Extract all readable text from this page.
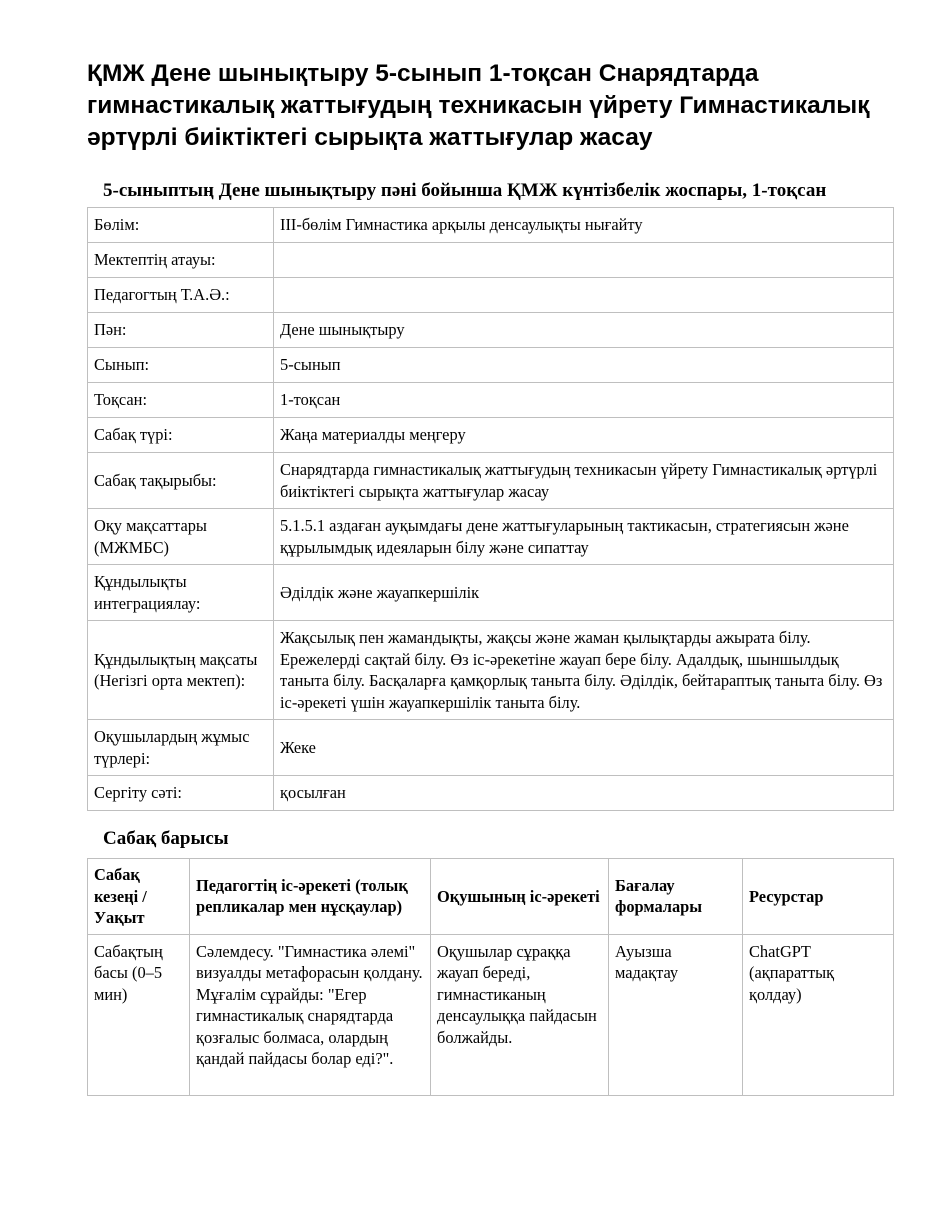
ҚМЖ Дене шынықтыру 5-сынып 1-тоқсан Снарядтарда гимнастикалық жаттығудың техникасын үйрету Гимнастикалық әртүрлі биіктіктегі сырықта жаттығулар жасау
5-сыныптың Дене шынықтыру пәні бойынша ҚМЖ күнтізбелік жоспары, 1-тоқсан
Бөлім:	III-бөлім Гимнастика арқылы денсаулықты нығайту
Мектептің атауы:	
Педагогтың Т.А.Ә.:	
Пән:	Дене шынықтыру
Сынып:	5-сынып
Тоқсан:	1-тоқсан
Сабақ түрі:	Жаңа материалды меңгеру
Сабақ тақырыбы:	Снарядтарда гимнастикалық жаттығудың техникасын үйрету Гимнастикалық әртүрлі биіктіктегі сырықта жаттығулар жасау
Оқу мақсаттары (МЖМБС)	5.1.5.1 аздаған ауқымдағы дене жаттығуларының тактикасын, стратегиясын және құрылымдық идеяларын білу және сипаттау
Құндылықты интеграциялау:	Әділдік және жауапкершілік
Құндылықтың мақсаты (Негізгі орта мектеп):	Жақсылық пен жамандықты, жақсы және жаман қылықтарды ажырата білу. Ережелерді сақтай білу. Өз іс-әрекетіне жауап бере білу. Адалдық, шыншылдық таныта білу. Басқаларға қамқорлық таныта білу. Әділдік, бейтараптық таныта білу. Өз іс-әрекеті үшін жауапкершілік таныта білу.
Оқушылардың жұмыс түрлері:	Жеке
Сергіту сәті:	қосылған
Сабақ барысы
Сабақ кезеңі / Уақыт	Педагогтің іс-әрекеті (толық репликалар мен нұсқаулар)	Оқушының іс-әрекеті	Бағалау формалары	Ресурстар
Сабақтың басы (0–5 мин)	Сәлемдесу. "Гимнастика әлемі" визуалды метафорасын қолдану. Мұғалім сұрайды: "Егер гимнастикалық снарядтарда қозғалыс болмаса, олардың қандай пайдасы болар еді?".	Оқушылар сұраққа жауап береді, гимнастиканың денсаулыққа пайдасын болжайды.	Ауызша мадақтау	ChatGPT (ақпараттық қолдау)
